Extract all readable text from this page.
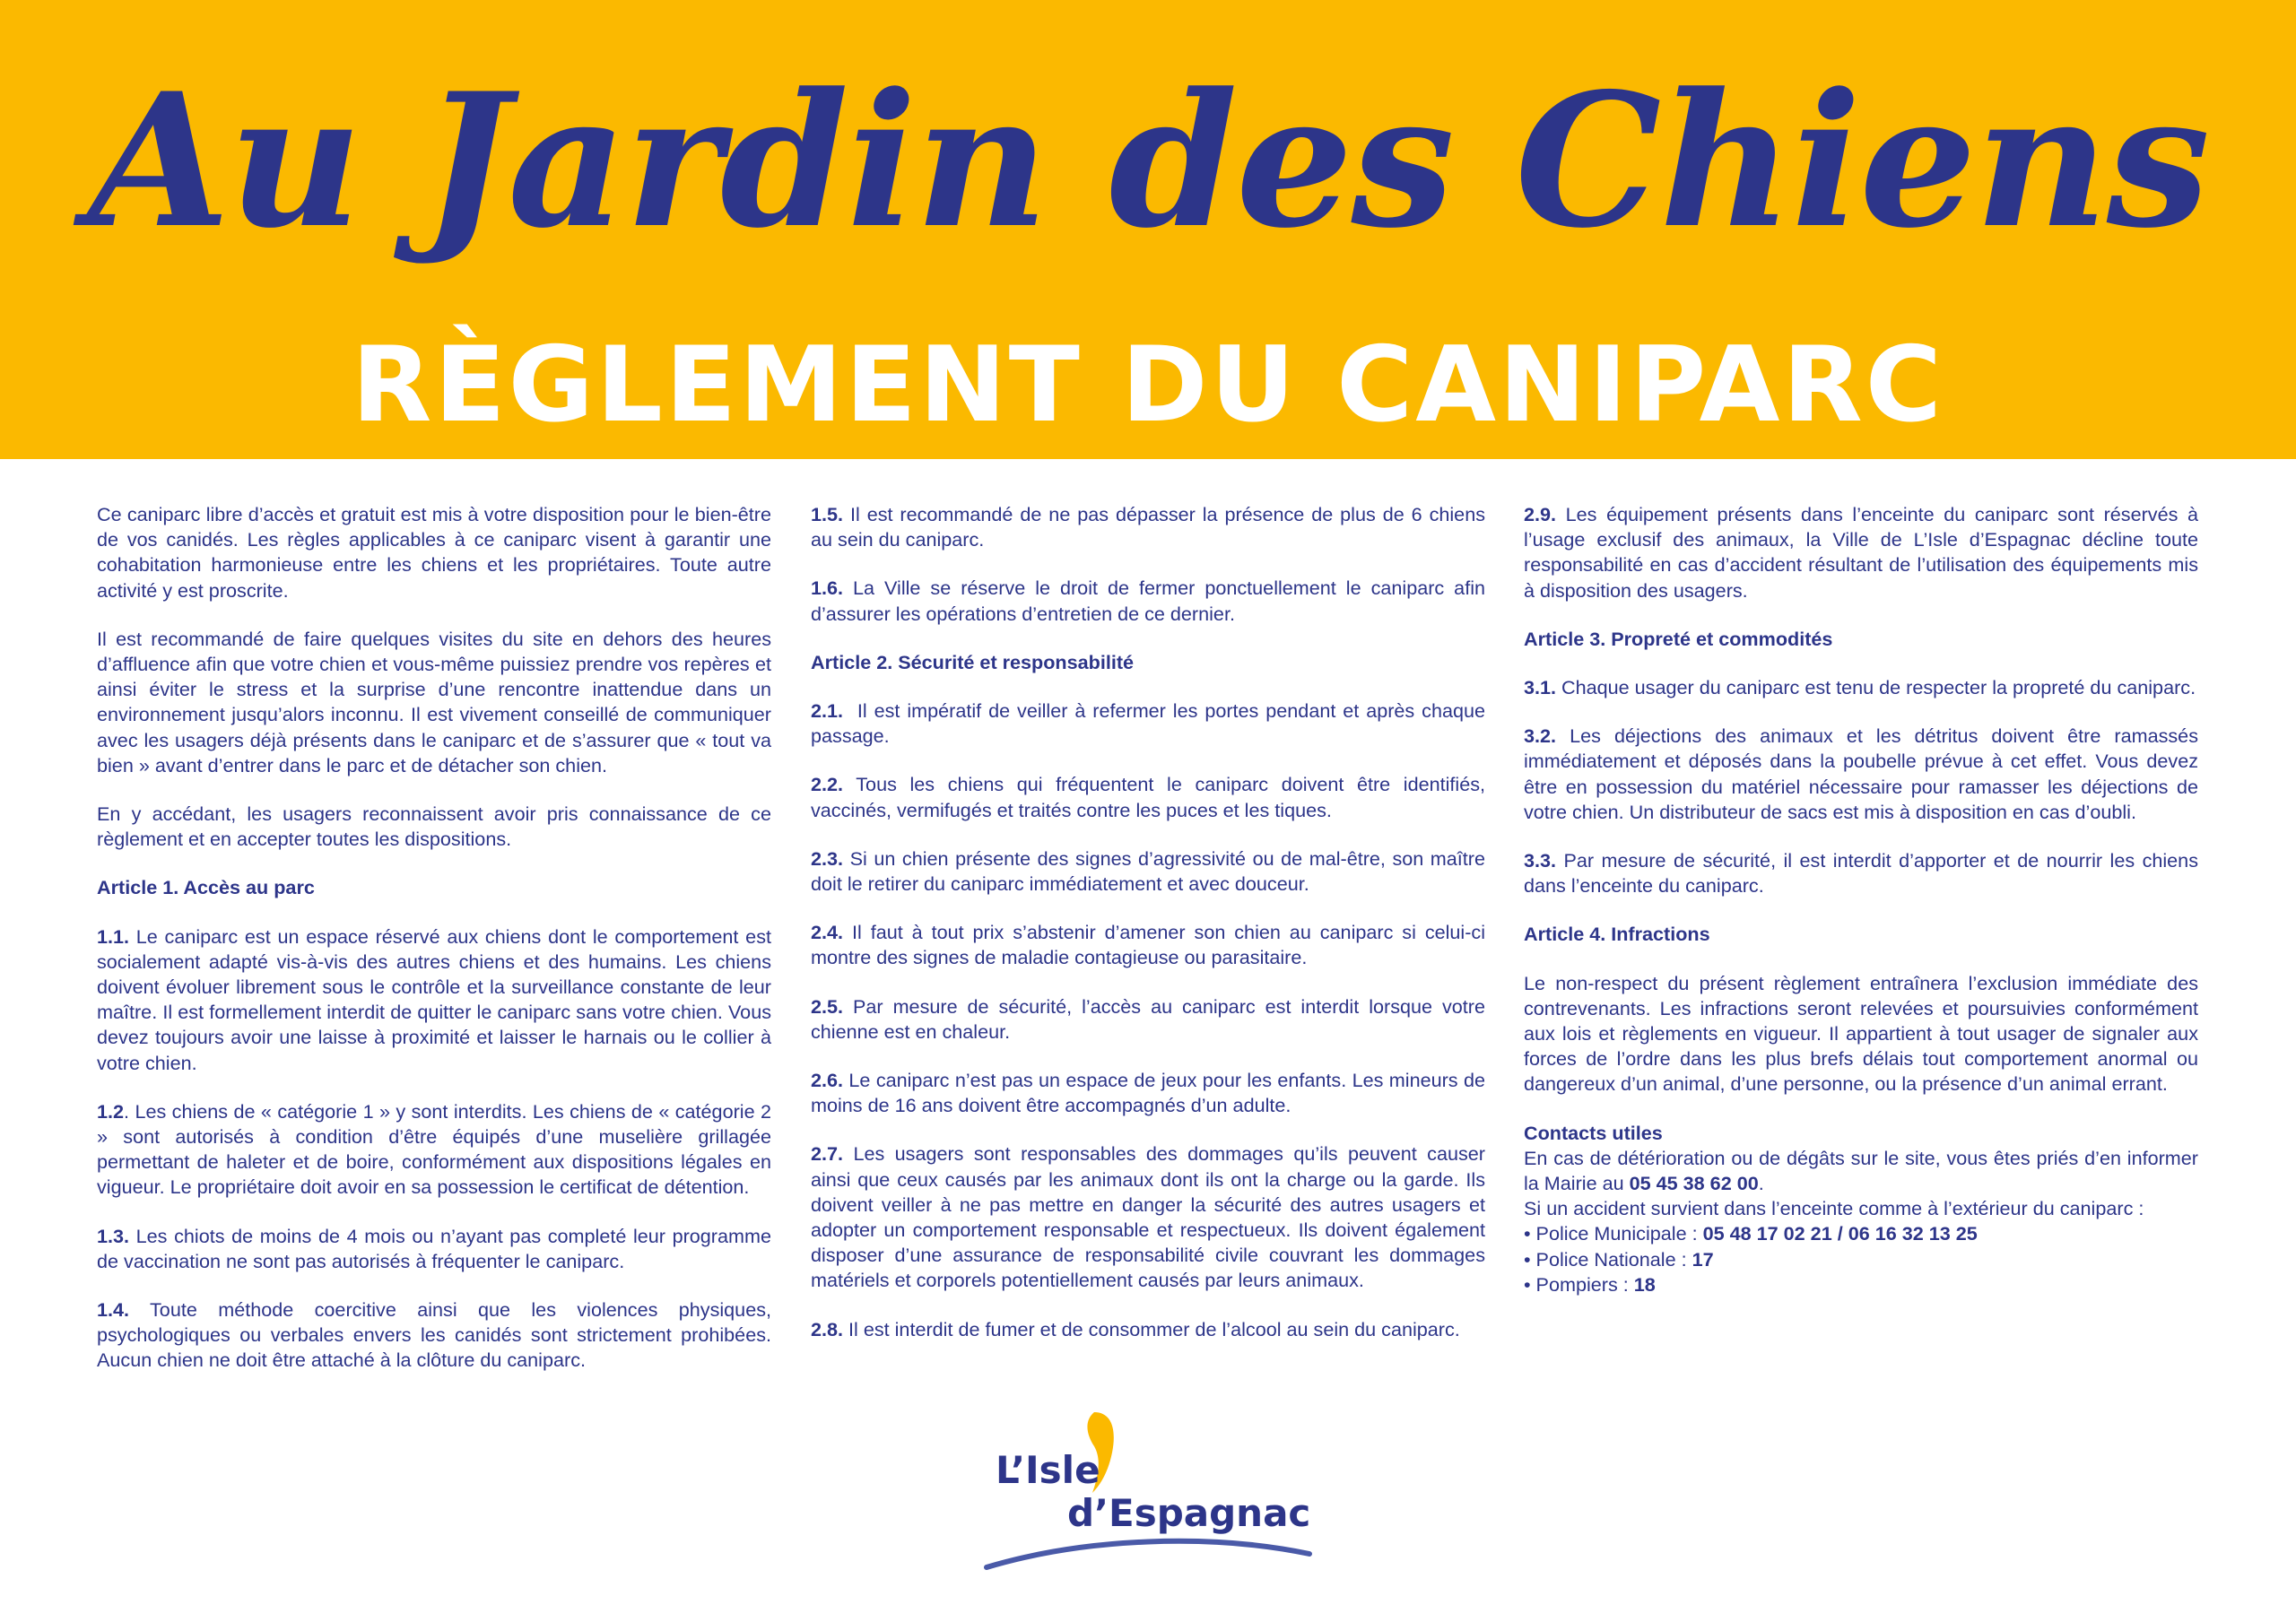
Au Jardin des Chiens
RÈGLEMENT DU CANIPARC

Ce caniparc libre d’accès et gratuit est mis à votre disposition pour le bien-être de vos canidés. Les règles applicables à ce caniparc visent à garantir une cohabitation harmonieuse entre les chiens et les propriétaires. Toute autre activité y est proscrite.

Il est recommandé de faire quelques visites du site en dehors des heures d’affluence afin que votre chien et vous-même puissiez prendre vos repères et ainsi éviter le stress et la surprise d’une rencontre inattendue dans un environnement jusqu’alors inconnu. Il est vivement conseillé de communiquer avec les usagers déjà présents dans le caniparc et de s’assurer que « tout va bien » avant d’entrer dans le parc et de détacher son chien.

En y accédant, les usagers reconnaissent avoir pris connaissance de ce règlement et en accepter toutes les dispositions.

Article 1. Accès au parc

1.1. Le caniparc est un espace réservé aux chiens dont le comportement est socialement adapté vis-à-vis des autres chiens et des humains. Les chiens doivent évoluer librement sous le contrôle et la surveillance constante de leur maître. Il est formellement interdit de quitter le caniparc sans votre chien. Vous devez toujours avoir une laisse à proximité et laisser le harnais ou le collier à votre chien.

1.2. Les chiens de « catégorie 1 » y sont interdits. Les chiens de « catégorie 2 » sont autorisés à condition d’être équipés d’une muselière grillagée permettant de haleter et de boire, conformément aux dispositions légales en vigueur. Le propriétaire doit avoir en sa possession le certificat de détention.

1.3. Les chiots de moins de 4 mois ou n’ayant pas completé leur programme de vaccination ne sont pas autorisés à fréquenter le caniparc.

1.4. Toute méthode coercitive ainsi que les violences physiques, psychologiques ou verbales envers les canidés sont strictement prohibées. Aucun chien ne doit être attaché à la clôture du caniparc.

1.5. Il est recommandé de ne pas dépasser la présence de plus de 6 chiens au sein du caniparc.

1.6. La Ville se réserve le droit de fermer ponctuellement le caniparc afin d’assurer les opérations d’entretien de ce dernier.

Article 2. Sécurité et responsabilité

2.1. Il est impératif de veiller à refermer les portes pendant et après chaque passage.

2.2. Tous les chiens qui fréquentent le caniparc doivent être identifiés, vaccinés, vermifugés et traités contre les puces et les tiques.

2.3. Si un chien présente des signes d’agressivité ou de mal-être, son maître doit le retirer du caniparc immédiatement et avec douceur.

2.4. Il faut à tout prix s’abstenir d’amener son chien au caniparc si celui-ci montre des signes de maladie contagieuse ou parasitaire.

2.5. Par mesure de sécurité, l’accès au caniparc est interdit lorsque votre chienne est en chaleur.

2.6. Le caniparc n’est pas un espace de jeux pour les enfants. Les mineurs de moins de 16 ans doivent être accompagnés d’un adulte.

2.7. Les usagers sont responsables des dommages qu’ils peuvent causer ainsi que ceux causés par les animaux dont ils ont la charge ou la garde. Ils doivent veiller à ne pas mettre en danger la sécurité des autres usagers et adopter un comportement responsable et respectueux. Ils doivent également disposer d’une assurance de responsabilité civile couvrant les dommages matériels et corporels potentiellement causés par leurs animaux.

2.8. Il est interdit de fumer et de consommer de l’alcool au sein du caniparc.

2.9. Les équipement présents dans l’enceinte du caniparc sont réservés à l’usage exclusif des animaux, la Ville de L’Isle d’Espagnac décline toute responsabilité en cas d’accident résultant de l’utilisation des équipements mis à disposition des usagers.

Article 3. Propreté et commodités

3.1. Chaque usager du caniparc est tenu de respecter la propreté du caniparc.

3.2. Les déjections des animaux et les détritus doivent être ramassés immédiatement et déposés dans la poubelle prévue à cet effet. Vous devez être en possession du matériel nécessaire pour ramasser les déjections de votre chien. Un distributeur de sacs est mis à disposition en cas d’oubli.

3.3. Par mesure de sécurité, il est interdit d’apporter et de nourrir les chiens dans l’enceinte du caniparc.

Article 4. Infractions

Le non-respect du présent règlement entraînera l’exclusion immédiate des contrevenants. Les infractions seront relevées et poursuivies conformément aux lois et règlements en vigueur. Il appartient à tout usager de signaler aux forces de l’ordre dans les plus brefs délais tout comportement anormal ou dangereux d’un animal, d’une personne, ou la présence d’un animal errant.

Contacts utiles

En cas de détérioration ou de dégâts sur le site, vous êtes priés d’en informer la Mairie au 05 45 38 62 00.

Si un accident survient dans l’enceinte comme à l’extérieur du caniparc :

• Police Municipale : 05 48 17 02 21 / 06 16 32 13 25

• Police Nationale : 17

• Pompiers : 18

L’Isle
d’Espagnac
